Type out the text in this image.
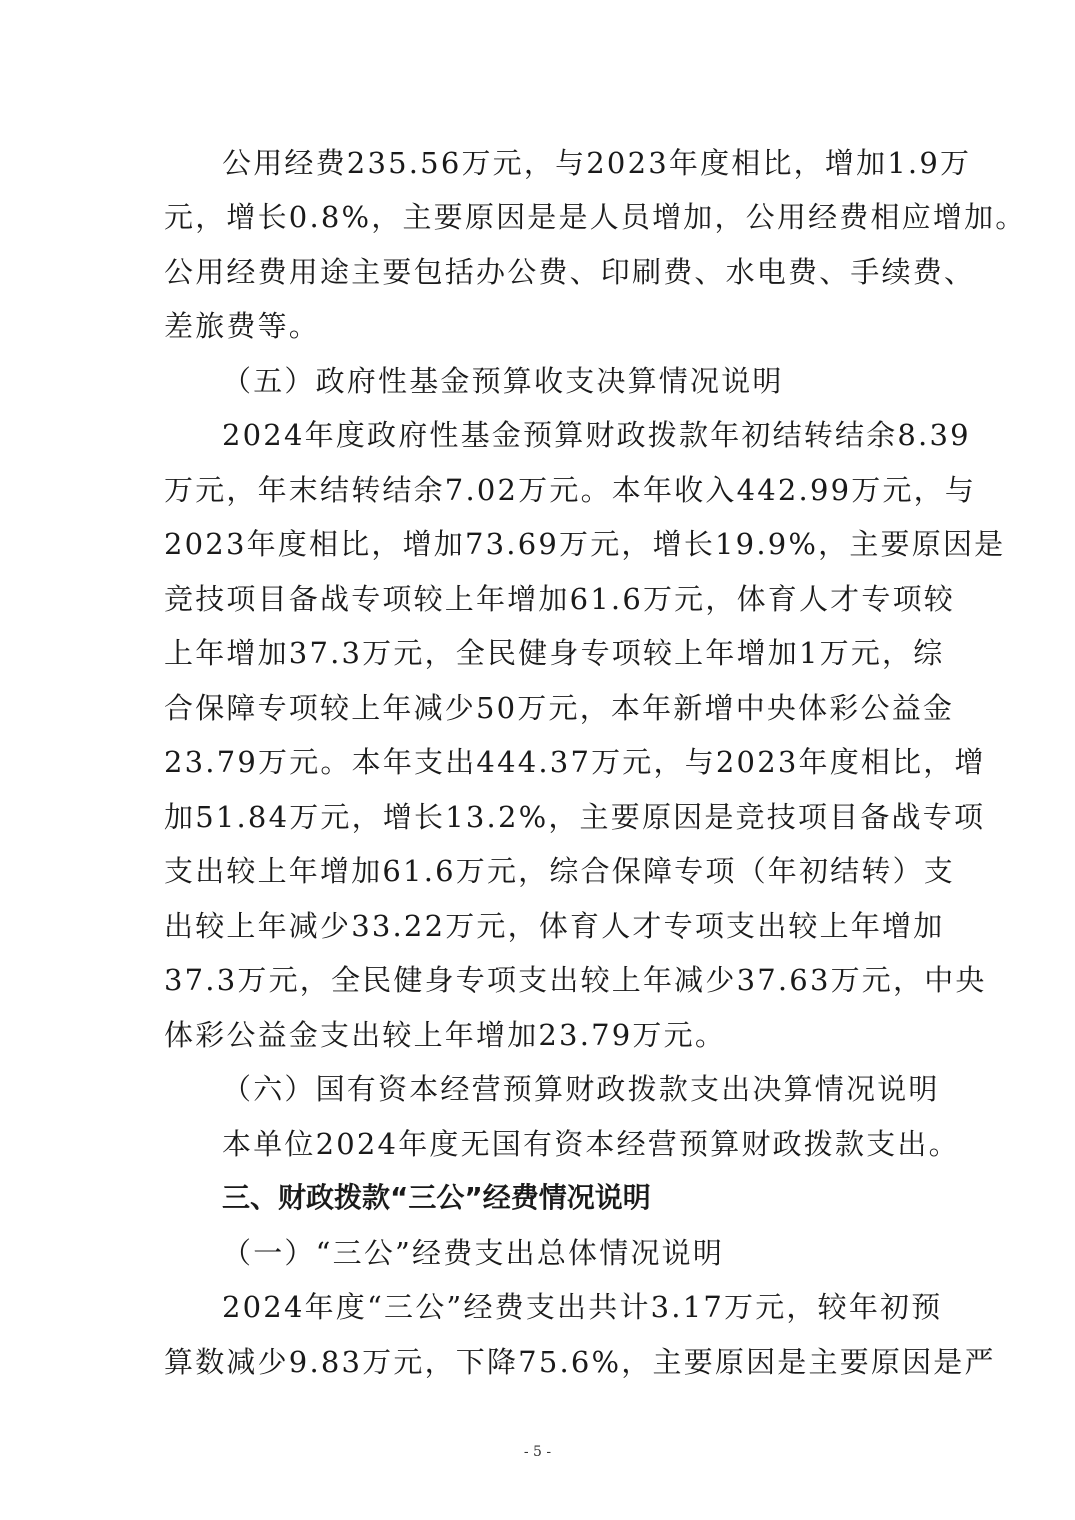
公用经费235.56万元，与2023年度相比，增加1.9万
元，增长0.8%，主要原因是是人员增加，公用经费相应增加。
公用经费用途主要包括办公费、印刷费、水电费、手续费、
差旅费等。
（五）政府性基金预算收支决算情况说明
2024年度政府性基金预算财政拨款年初结转结余8.39
万元，年末结转结余7.02万元。本年收入442.99万元，与
2023年度相比，增加73.69万元，增长19.9%，主要原因是
竞技项目备战专项较上年增加61.6万元，体育人才专项较
上年增加37.3万元，全民健身专项较上年增加1万元，综
合保障专项较上年减少50万元，本年新增中央体彩公益金
23.79万元。本年支出444.37万元，与2023年度相比，增
加51.84万元，增长13.2%，主要原因是竞技项目备战专项
支出较上年增加61.6万元，综合保障专项（年初结转）支
出较上年减少33.22万元，体育人才专项支出较上年增加
37.3万元，全民健身专项支出较上年减少37.63万元，中央
体彩公益金支出较上年增加23.79万元。
（六）国有资本经营预算财政拨款支出决算情况说明
本单位2024年度无国有资本经营预算财政拨款支出。
三、财政拨款“三公”经费情况说明
（一）“三公”经费支出总体情况说明
2024年度“三公”经费支出共计3.17万元，较年初预
算数减少9.83万元，下降75.6%，主要原因是主要原因是严
- 5 -
